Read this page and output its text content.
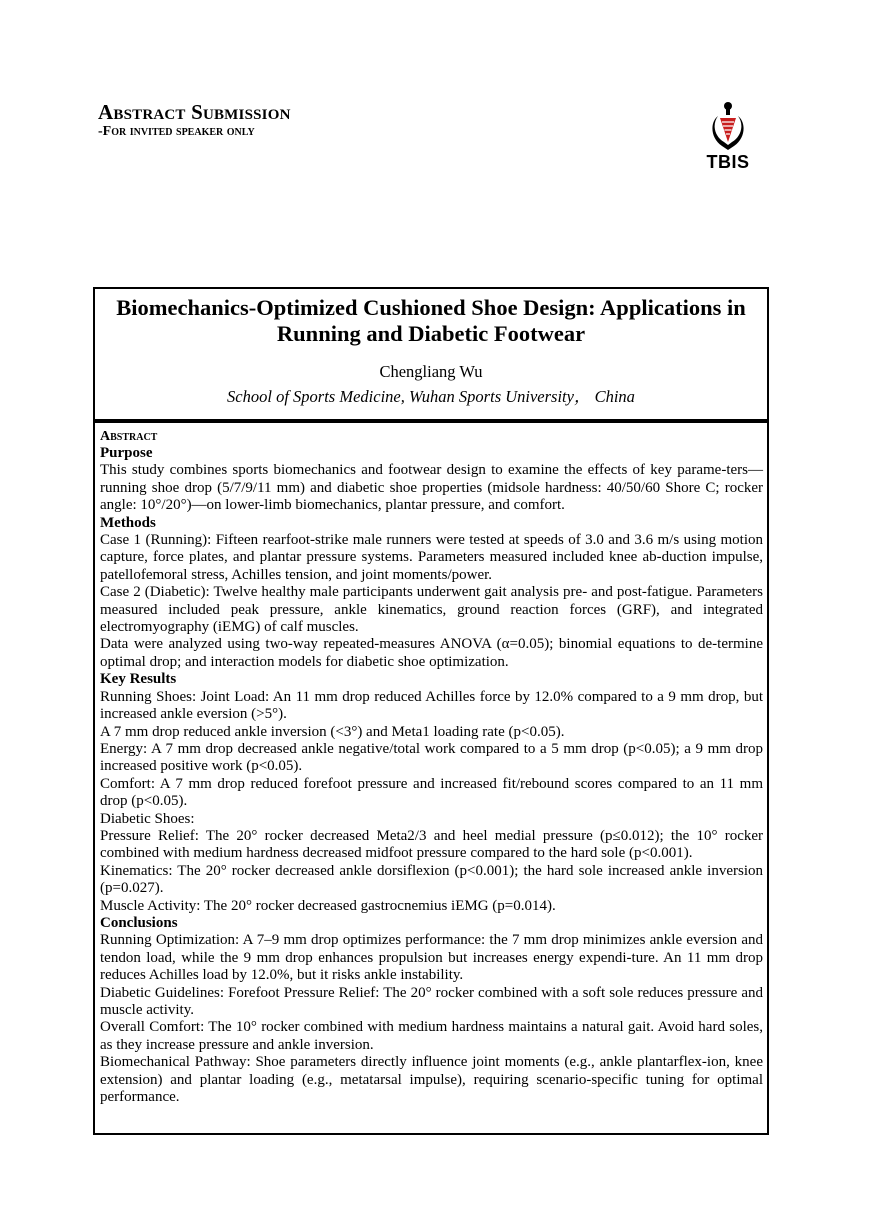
Abstract Submission
-For invited speaker only
TBIS
Biomechanics-Optimized Cushioned Shoe Design: Applications in Running and Diabetic Footwear
Chengliang Wu
School of Sports Medicine, Wuhan Sports University， China
Abstract
Purpose

This study combines sports biomechanics and footwear design to examine the effects of key parame-ters—running shoe drop (5/7/9/11 mm) and diabetic shoe properties (midsole hardness: 40/50/60 Shore C; rocker angle: 10°/20°)—on lower-limb biomechanics, plantar pressure, and comfort.

Methods

Case 1 (Running): Fifteen rearfoot-strike male runners were tested at speeds of 3.0 and 3.6 m/s using motion capture, force plates, and plantar pressure systems. Parameters measured included knee ab-duction impulse, patellofemoral stress, Achilles tension, and joint moments/power.

Case 2 (Diabetic): Twelve healthy male participants underwent gait analysis pre- and post-fatigue. Parameters measured included peak pressure, ankle kinematics, ground reaction forces (GRF), and integrated electromyography (iEMG) of calf muscles.

Data were analyzed using two-way repeated-measures ANOVA (α=0.05); binomial equations to de-termine optimal drop; and interaction models for diabetic shoe optimization.

Key Results

Running Shoes: Joint Load: An 11 mm drop reduced Achilles force by 12.0% compared to a 9 mm drop, but increased ankle eversion (>5°).

A 7 mm drop reduced ankle inversion (<3°) and Meta1 loading rate (p<0.05).

Energy: A 7 mm drop decreased ankle negative/total work compared to a 5 mm drop (p<0.05); a 9 mm drop increased positive work (p<0.05).

Comfort: A 7 mm drop reduced forefoot pressure and increased fit/rebound scores compared to an 11 mm drop (p<0.05).

Diabetic Shoes:

Pressure Relief: The 20° rocker decreased Meta2/3 and heel medial pressure (p≤0.012); the 10° rocker combined with medium hardness decreased midfoot pressure compared to the hard sole (p<0.001).

Kinematics: The 20° rocker decreased ankle dorsiflexion (p<0.001); the hard sole increased ankle inversion (p=0.027).

Muscle Activity: The 20° rocker decreased gastrocnemius iEMG (p=0.014).

Conclusions

Running Optimization: A 7–9 mm drop optimizes performance: the 7 mm drop minimizes ankle eversion and tendon load, while the 9 mm drop enhances propulsion but increases energy expendi-ture. An 11 mm drop reduces Achilles load by 12.0%, but it risks ankle instability.

Diabetic Guidelines: Forefoot Pressure Relief: The 20° rocker combined with a soft sole reduces pressure and muscle activity.

Overall Comfort: The 10° rocker combined with medium hardness maintains a natural gait. Avoid hard soles, as they increase pressure and ankle inversion.

Biomechanical Pathway: Shoe parameters directly influence joint moments (e.g., ankle plantarflex-ion, knee extension) and plantar loading (e.g., metatarsal impulse), requiring scenario-specific tuning for optimal performance.
